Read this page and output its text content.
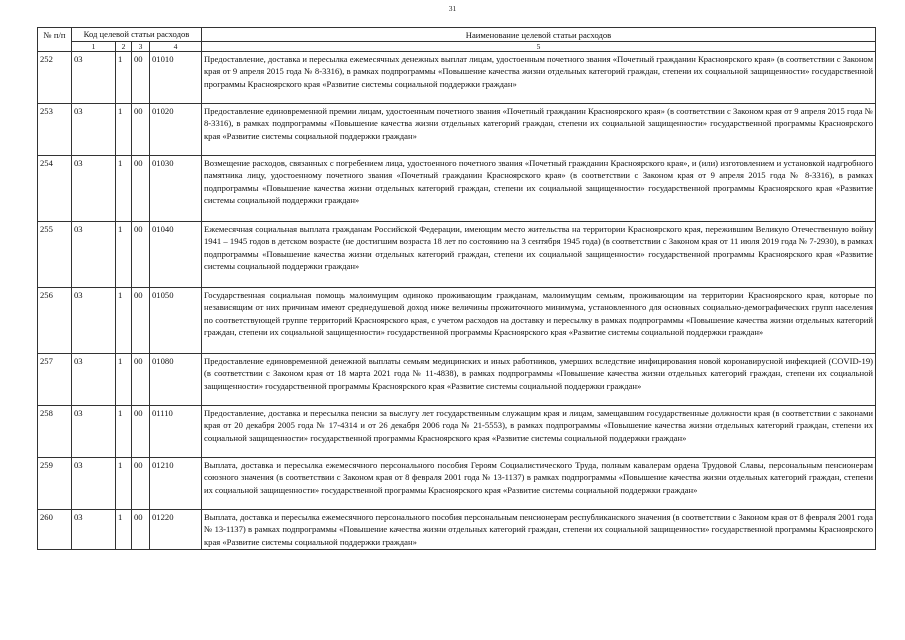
31
№ п/п	Код целевой статьи расходов				Наименование целевой статьи расходов
5

	1	2	3	4	
252	03	1	00	01010	Предоставление, доставка и пересылка ежемесячных денежных выплат лицам, удостоенным почетного звания «Почетный гражданин Красноярского края» (в соответствии с Законом края от 9 апреля 2015 года № 8-3316), в рамках подпрограммы «Повышение качества жизни отдельных категорий граждан, степени их социальной защищенности» государственной программы Красноярского края «Развитие системы социальной поддержки граждан»
253	03	1	00	01020	Предоставление единовременной премии лицам, удостоенным почетного звания «Почетный гражданин Красноярского края» (в соответствии с Законом края от 9 апреля 2015 года № 8-3316), в рамках подпрограммы «Повышение качества жизни отдельных категорий граждан, степени их социальной защищенности» государственной программы Красноярского края «Развитие системы социальной поддержки граждан»
254	03	1	00	01030	Возмещение расходов, связанных с погребением лица, удостоенного почетного звания «Почетный гражданин Красноярского края», и (или) изготовлением и установкой надгробного памятника лицу, удостоенному почетного звания «Почетный гражданин Красноярского края» (в соответствии с Законом края от 9 апреля 2015 года № 8-3316), в рамках подпрограммы «Повышение качества жизни отдельных категорий граждан, степени их социальной защищенности» государственной программы Красноярского края «Развитие системы социальной поддержки граждан»
255	03	1	00	01040	Ежемесячная социальная выплата гражданам Российской Федерации, имеющим место жительства на территории Красноярского края, пережившим Великую Отечественную войну 1941 – 1945 годов в детском возрасте (не достигшим возраста 18 лет по состоянию на 3 сентября 1945 года) (в соответствии с Законом края от 11 июля 2019 года № 7-2930), в рамках подпрограммы «Повышение качества жизни отдельных категорий граждан, степени их социальной защищенности» государственной программы Красноярского края «Развитие системы социальной поддержки граждан»
256	03	1	00	01050	Государственная социальная помощь малоимущим одиноко проживающим гражданам, малоимущим семьям, проживающим на территории Красноярского края, которые по независящим от них причинам имеют среднедушевой доход ниже величины прожиточного минимума, установленного для основных социально-демографических групп населения по соответствующей группе территорий Красноярского края, с учетом расходов на доставку и пересылку в рамках подпрограммы «Повышение качества жизни отдельных категорий граждан, степени их социальной защищенности» государственной программы Красноярского края «Развитие системы социальной поддержки граждан»
257	03	1	00	01080	Предоставление единовременной денежной выплаты семьям медицинских и иных работников, умерших вследствие инфицирования новой коронавирусной инфекцией (COVID-19) (в соответствии с Законом края от 18 марта 2021 года № 11-4838), в рамках подпрограммы «Повышение качества жизни отдельных категорий граждан, степени их социальной защищенности» государственной программы Красноярского края «Развитие системы социальной поддержки граждан»
258	03	1	00	01110	Предоставление, доставка и пересылка пенсии за выслугу лет государственным служащим края и лицам, замещавшим государственные должности края (в соответствии с законами края от 20 декабря 2005 года № 17-4314 и от 26 декабря 2006 года № 21-5553), в рамках подпрограммы «Повышение качества жизни отдельных категорий граждан, степени их социальной защищенности» государственной программы Красноярского края «Развитие системы социальной поддержки граждан»
259	03	1	00	01210	Выплата, доставка и пересылка ежемесячного персонального пособия Героям Социалистического Труда, полным кавалерам ордена Трудовой Славы, персональным пенсионерам союзного значения (в соответствии с Законом края от 8 февраля 2001 года № 13-1137) в рамках подпрограммы «Повышение качества жизни отдельных категорий граждан, степени их социальной защищенности» государственной программы Красноярского края «Развитие системы социальной поддержки граждан»
260	03	1	00	01220	Выплата, доставка и пересылка ежемесячного персонального пособия персональным пенсионерам республиканского значения (в соответствии с Законом края от 8 февраля 2001 года № 13-1137) в рамках подпрограммы «Повышение качества жизни отдельных категорий граждан, степени их социальной защищенности» государственной программы Красноярского края «Развитие системы социальной поддержки граждан»
